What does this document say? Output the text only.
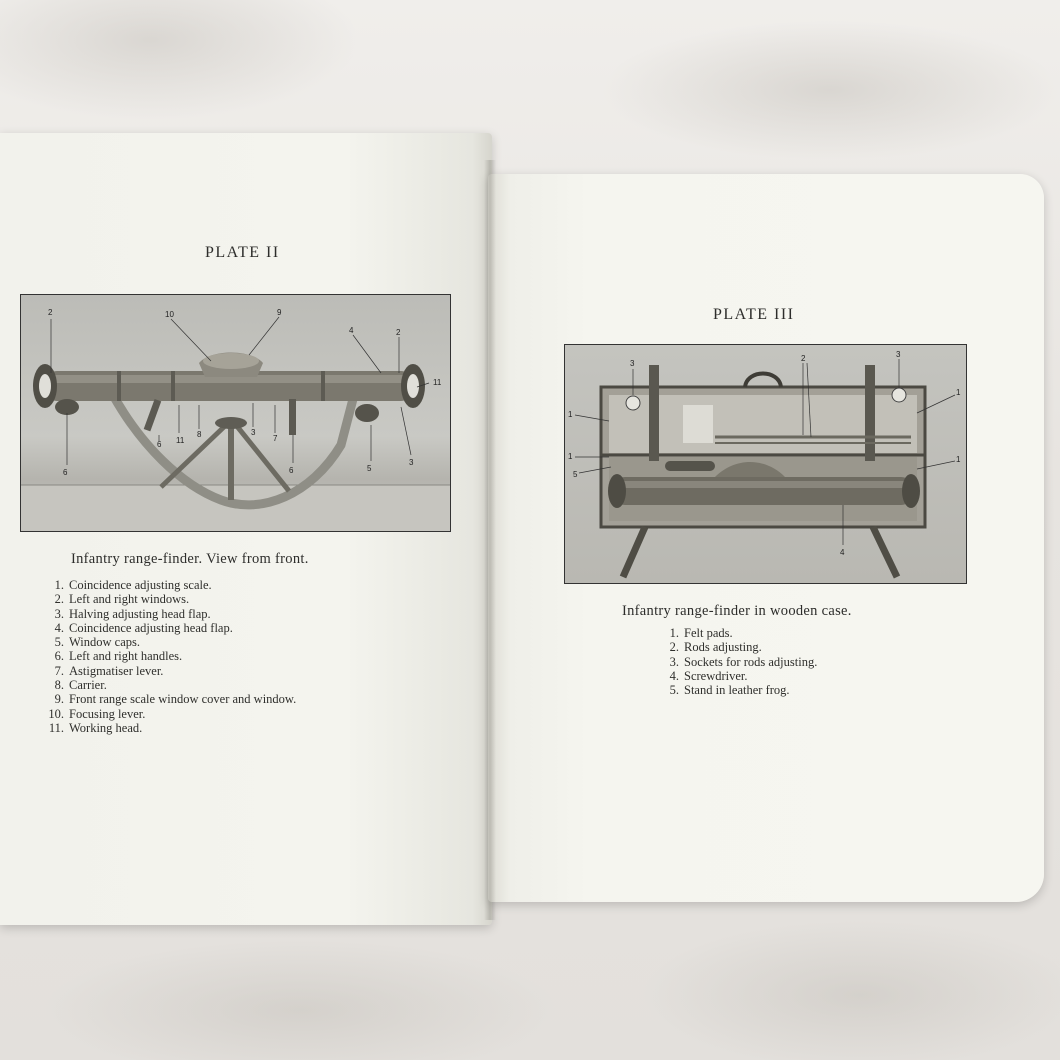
PLATE II
2	10	9
4	2
11
6
6 11
8	3
7
6	5
3
Infantry range-finder. View from front.
1. Coincidence adjusting scale.
2. Left and right windows.
3. Halving adjusting head flap.
4. Coincidence adjusting head flap.
5. Window caps.
6. Left and right handles.
7. Astigmatiser lever.
8. Carrier.
9. Front range scale window cover and window.
10. Focusing lever.
11. Working head.
PLATE III
3
2	3
1
1
1
5
1
4
Infantry range-finder in wooden case.
1. Felt pads.
2. Rods adjusting.
3. Sockets for rods adjusting.
4. Screwdriver.
5. Stand in leather frog.
